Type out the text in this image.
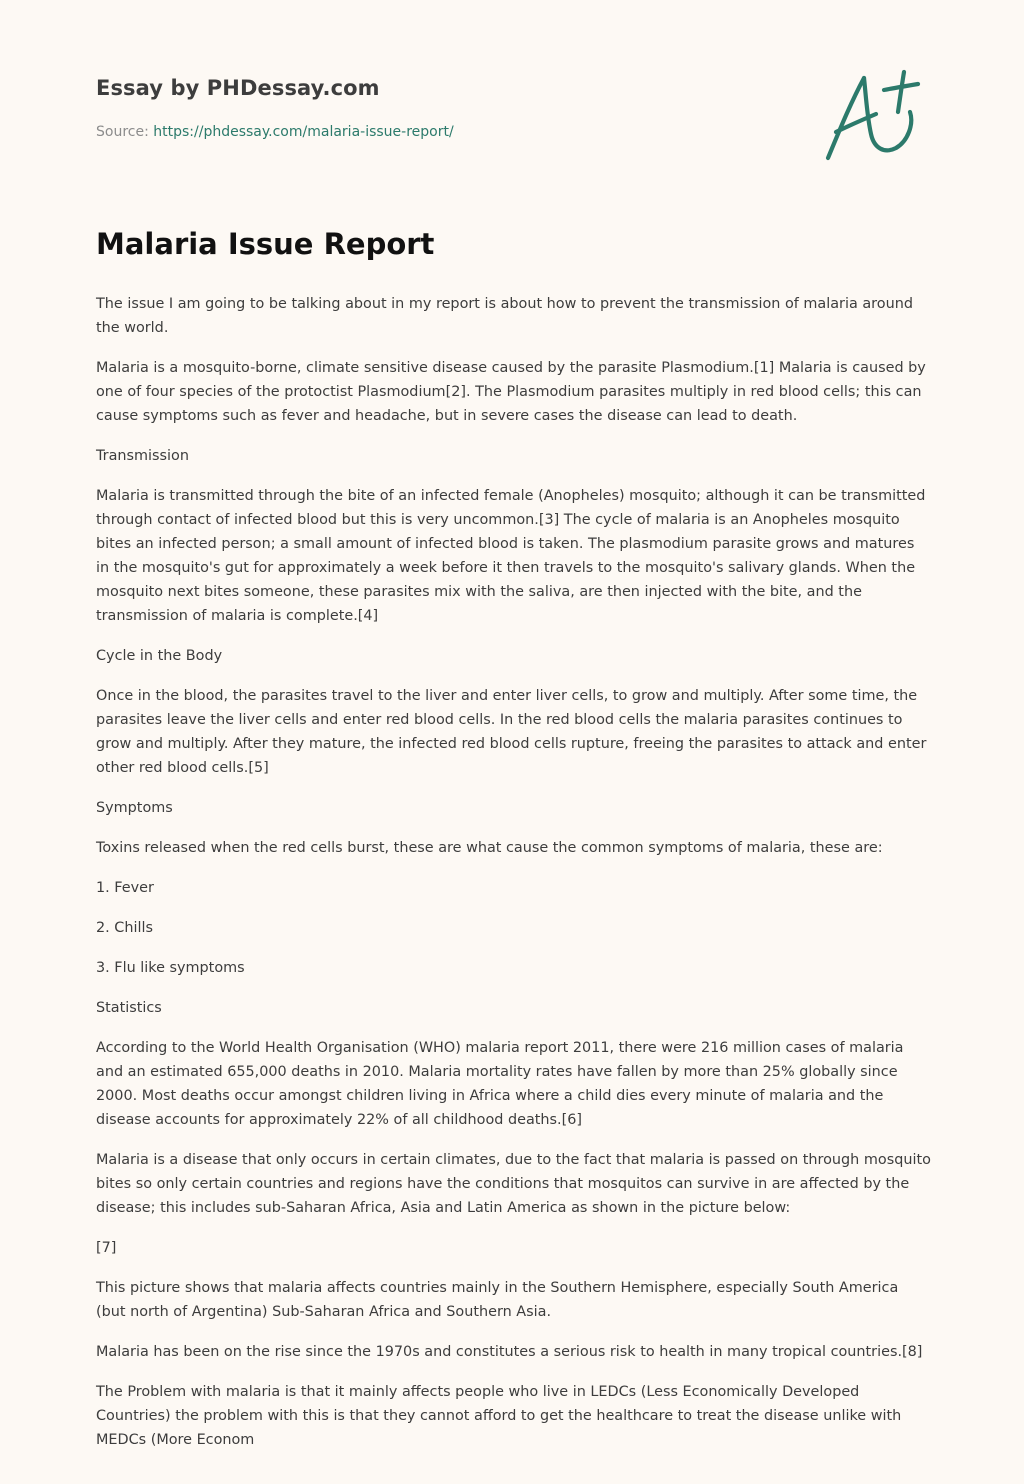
Essay by PHDessay.com
Source: https://phdessay.com/malaria-issue-report/
Malaria Issue Report

The issue I am going to be talking about in my report is about how to prevent the transmission of malaria around the world.

Malaria is a mosquito-borne, climate sensitive disease caused by the parasite Plasmodium.[1] Malaria is caused by one of four species of the protoctist Plasmodium[2]. The Plasmodium parasites multiply in red blood cells; this can cause symptoms such as fever and headache, but in severe cases the disease can lead to death.

Transmission

Malaria is transmitted through the bite of an infected female (Anopheles) mosquito; although it can be transmitted through contact of infected blood but this is very uncommon.[3] The cycle of malaria is an Anopheles mosquito bites an infected person; a small amount of infected blood is taken. The plasmodium parasite grows and matures in the mosquito's gut for approximately a week before it then travels to the mosquito's salivary glands. When the mosquito next bites someone, these parasites mix with the saliva, are then injected with the bite, and the transmission of malaria is complete.[4]

Cycle in the Body

Once in the blood, the parasites travel to the liver and enter liver cells, to grow and multiply. After some time, the parasites leave the liver cells and enter red blood cells. In the red blood cells the malaria parasites continues to grow and multiply. After they mature, the infected red blood cells rupture, freeing the parasites to attack and enter other red blood cells.[5]

Symptoms

Toxins released when the red cells burst, these are what cause the common symptoms of malaria, these are:

1. Fever

2. Chills

3. Flu like symptoms

Statistics

According to the World Health Organisation (WHO) malaria report 2011, there were 216 million cases of malaria and an estimated 655,000 deaths in 2010. Malaria mortality rates have fallen by more than 25% globally since 2000. Most deaths occur amongst children living in Africa where a child dies every minute of malaria and the disease accounts for approximately 22% of all childhood deaths.[6]

Malaria is a disease that only occurs in certain climates, due to the fact that malaria is passed on through mosquito bites so only certain countries and regions have the conditions that mosquitos can survive in are affected by the disease; this includes sub-Saharan Africa, Asia and Latin America as shown in the picture below:

[7]

This picture shows that malaria affects countries mainly in the Southern Hemisphere, especially South America (but north of Argentina) Sub-Saharan Africa and Southern Asia.

Malaria has been on the rise since the 1970s and constitutes a serious risk to health in many tropical countries.[8]

The Problem with malaria is that it mainly affects people who live in LEDCs (Less Economically Developed Countries) the problem with this is that they cannot afford to get the healthcare to treat the disease unlike with MEDCs (More Econom
